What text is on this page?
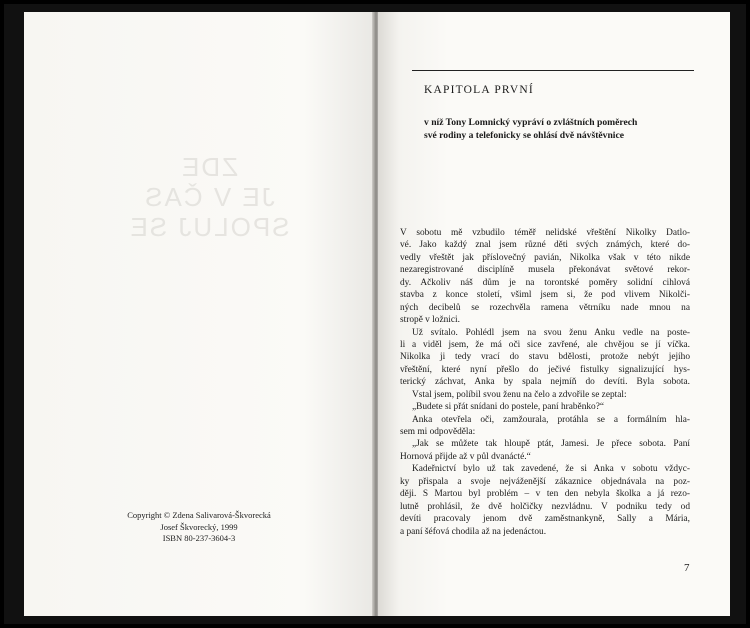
ZDE
JE V ČAS
SPOLUJ SE
Copyright © Zdena Salivarová-Škvorecká
Josef Škvorecký, 1999
ISBN 80-237-3604-3
KAPITOLA PRVNÍ
v níž Tony Lomnický vypráví o zvláštních poměrech
své rodiny a telefonicky se ohlásí dvě návštěvnice
V sobotu mě vzbudilo téměř nelidské vřeštění Nikolky Datlo-
vé. Jako každý znal jsem různé děti svých známých, které do-
vedly vřeštět jak příslovečný pavián, Nikolka však v této nikde
nezaregistrované disciplíně musela překonávat světové rekor-
dy. Ačkoliv náš dům je na torontské poměry solidní cihlová
stavba z konce století, všiml jsem si, že pod vlivem Nikolči-
ných decibelů se rozechvěla ramena větrníku nade mnou na
stropě v ložnici.
Už svítalo. Pohlédl jsem na svou ženu Anku vedle na poste-
li a viděl jsem, že má oči sice zavřené, ale chvějou se jí víčka.
Nikolka ji tedy vrací do stavu bdělosti, protože nebýt jejího
vřeštění, které nyní přešlo do ječivé fistulky signalizující hys-
terický záchvat, Anka by spala nejmíň do devíti. Byla sobota.
Vstal jsem, políbil svou ženu na čelo a zdvořile se zeptal:
„Budete si přát snídani do postele, paní hraběnko?“
Anka otevřela oči, zamžourala, protáhla se a formálním hla-
sem mi odpověděla:
„Jak se můžete tak hloupě ptát, Jamesi. Je přece sobota. Paní
Hornová přijde až v půl dvanácté.“
Kadeřnictví bylo už tak zavedené, že si Anka v sobotu vždyc-
ky přispala a svoje nejváženější zákaznice objednávala na poz-
ději. S Martou byl problém – v ten den nebyla školka a já rezo-
lutně prohlásil, že dvě holčičky nezvládnu. V podniku tedy od
devíti pracovaly jenom dvě zaměstnankyně, Sally a Mária,
a paní šéfová chodila až na jedenáctou.
7
